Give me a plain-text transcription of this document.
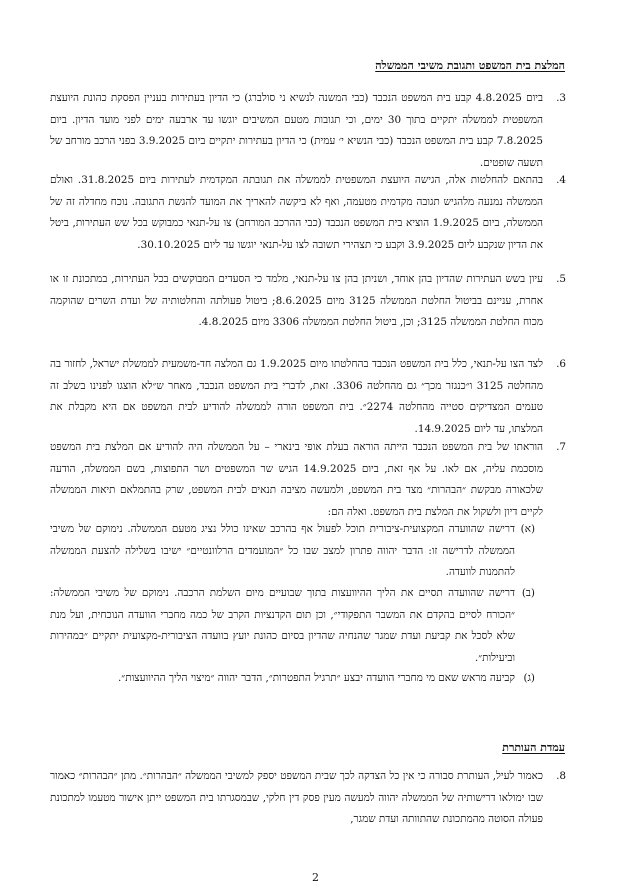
המלצת בית המשפט ותגובת משיבי הממשלה
3.
ביום 4.8.2025 קבע בית המשפט הנכבד (כבי המשנה לנשיא ני סולברג) כי הדיון בעתירות בעניין הפסקת כהונת היועצת המשפטית לממשלה יתקיים בתוך 30 ימים, וכי תגובות מטעם המשיבים יוגשו עד ארבעה ימים לפני מועד הדיון. ביום 7.8.2025 קבע בית המשפט הנכבד (כבי הנשיא י׳ עמית) כי הדיון בעתירות יתקיים ביום 3.9.2025 בפני הרכב מורחב של תשעה שופטים.
4.
בהתאם להחלטות אלה, הגישה היועצת המשפטית לממשלה את תגובתה המקדמית לעתירות ביום 31.8.2025. ואולם הממשלה נמנעה מלהגיש תגובה מקדמית מטעמה, ואף לא ביקשה להאריך את המועד להגשת התגובה. נוכח מחדלה זה של הממשלה, ביום 1.9.2025 הוציא בית המשפט הנכבד (כבי ההרכב המורחב) צו על-תנאי כמבוקש בכל שש העתירות, ביטל את הדיון שנקבע ליום 3.9.2025 וקבע כי תצהירי תשובה לצו על-תנאי יוגשו עד ליום 30.10.2025.
5.
עיון בשש העתירות שהדיון בהן אוחד, ושניתן בהן צו על-תנאי, מלמד כי הסעדים המבוקשים בכל העתירות, במתכונת זו או אחרת, עניינם בביטול החלטת הממשלה 3125 מיום 8.6.2025; ביטול פעולתה והחלטותיה של ועדת השרים שהוקמה מכוח החלטת הממשלה 3125; וכן, ביטול החלטת הממשלה 3306 מיום 4.8.2025.
6.
לצד הצו על-תנאי, כלל בית המשפט הנכבד בהחלטתו מיום 1.9.2025 גם המלצה חד-משמעית לממשלת ישראל, לחזור בה מהחלטה 3125 ו״כנגזר מכך״ גם מהחלטה 3306. זאת, לדברי בית המשפט הנכבד, מאחר ש״לא הוצגו לפנינו בשלב זה טעמים המצדיקים סטייה מהחלטה 2274״. בית המשפט הורה לממשלה להודיע לבית המשפט אם היא מקבלת את המלצתו, עד ליום 14.9.2025.
7.
הוראתו של בית המשפט הנכבד הייתה הוראה בעלת אופי בינארי – על הממשלה היה להודיע אם המלצת בית המשפט מוסכמת עליה, אם לאו. על אף זאת, ביום 14.9.2025 הגיש שר המשפטים ושר התפוצות, בשם הממשלה, הודעה שלכאורה מבקשת ״הבהרות״ מצד בית המשפט, ולמעשה מציבה תנאים לבית המשפט, שרק בהתמלאם תיאות הממשלה לקיים דיון ולשקול את המלצת בית המשפט. ואלה הם:
(א)
דרישה שהוועדה המקצועית-ציבורית תוכל לפעול אף בהרכב שאינו כולל נציג מטעם הממשלה. נימוקם של משיבי הממשלה לדרישה זו: הדבר יהווה פתרון למצב שבו כל ״המועמדים הרלוונטיים״ ישיבו בשלילה להצעת הממשלה להתמנות לוועדה.
(ב)
דרישה שהוועדה תסיים את הליך ההיוועצות בתוך שבועיים מיום השלמת הרכבה. נימוקם של משיבי הממשלה: ״הכורח לסיים בהקדם את המשבר התפקודי״, וכן תום הקדנציות הקרב של כמה מחברי הוועדה הנוכחית, ועל מנת שלא לסכל את קביעת ועדת שמגר שהנחיה שהדיון בסיום כהונת יועץ בוועדה הציבורית-מקצועית יתקיים ״במהירות וביעילות״.
(ג)
קביעה מראש שאם מי מחברי הוועדה יבצע ״תרגיל התפטרות״, הדבר יהווה ״מיצוי הליך ההיוועצות״.
עמדת העותרת
8.
כאמור לעיל, העותרת סבורה כי אין כל הצדקה לכך שבית המשפט יספק למשיבי הממשלה ״הבהרות״. מתן ״הבהרות״ כאמור שבו ימולאו דרישותיה של הממשלה יהווה למעשה מעין פסק דין חלקי, שבמסגרתו בית המשפט ייתן אישור מטעמו למתכונת פעולה הסוטה מהמתכונת שהתוותה ועדת שמגר,
2
